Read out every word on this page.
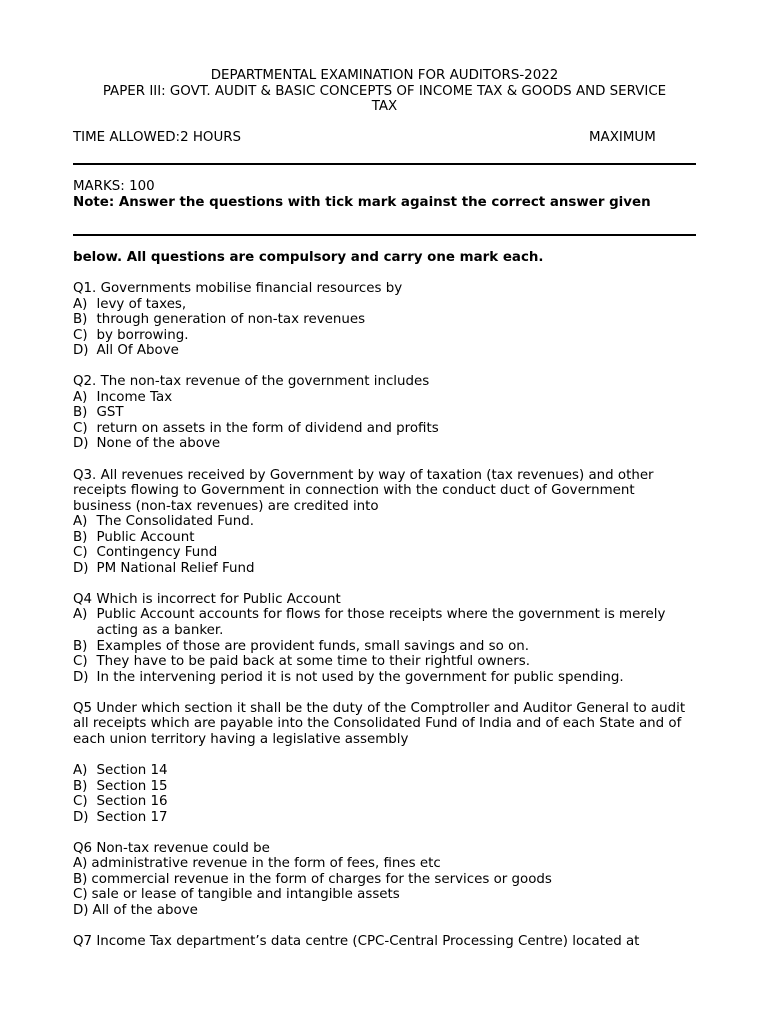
DEPARTMENTAL EXAMINATION FOR AUDITORS-2022
PAPER III: GOVT. AUDIT & BASIC CONCEPTS OF INCOME TAX & GOODS AND SERVICE
TAX
TIME ALLOWED:2 HOURS	MAXIMUM
MARKS: 100
Note: Answer the questions with tick mark against the correct answer given
below. All questions are compulsory and carry one mark each.
Q1. Governments mobilise financial resources by
A) levy of taxes,
B) through generation of non-tax revenues
C) by borrowing.
D) All Of Above
Q2. The non-tax revenue of the government includes
A) Income Tax
B) GST
C) return on assets in the form of dividend and profits
D) None of the above
Q3. All revenues received by Government by way of taxation (tax revenues) and other receipts flowing to Government in connection with the conduct duct of Government business (non-tax revenues) are credited into
A) The Consolidated Fund.
B) Public Account
C) Contingency Fund
D) PM National Relief Fund
Q4 Which is incorrect for Public Account
A) Public Account accounts for flows for those receipts where the government is merely acting as a banker.
B) Examples of those are provident funds, small savings and so on.
C) They have to be paid back at some time to their rightful owners.
D) In the intervening period it is not used by the government for public spending.
Q5 Under which section it shall be the duty of the Comptroller and Auditor General to audit all receipts which are payable into the Consolidated Fund of India and of each State and of each union territory having a legislative assembly
A) Section 14
B) Section 15
C) Section 16
D) Section 17
Q6 Non-tax revenue could be
A) administrative revenue in the form of fees, fines etc
B) commercial revenue in the form of charges for the services or goods
C) sale or lease of tangible and intangible assets
D) All of the above
Q7 Income Tax department’s data centre (CPC-Central Processing Centre) located at
